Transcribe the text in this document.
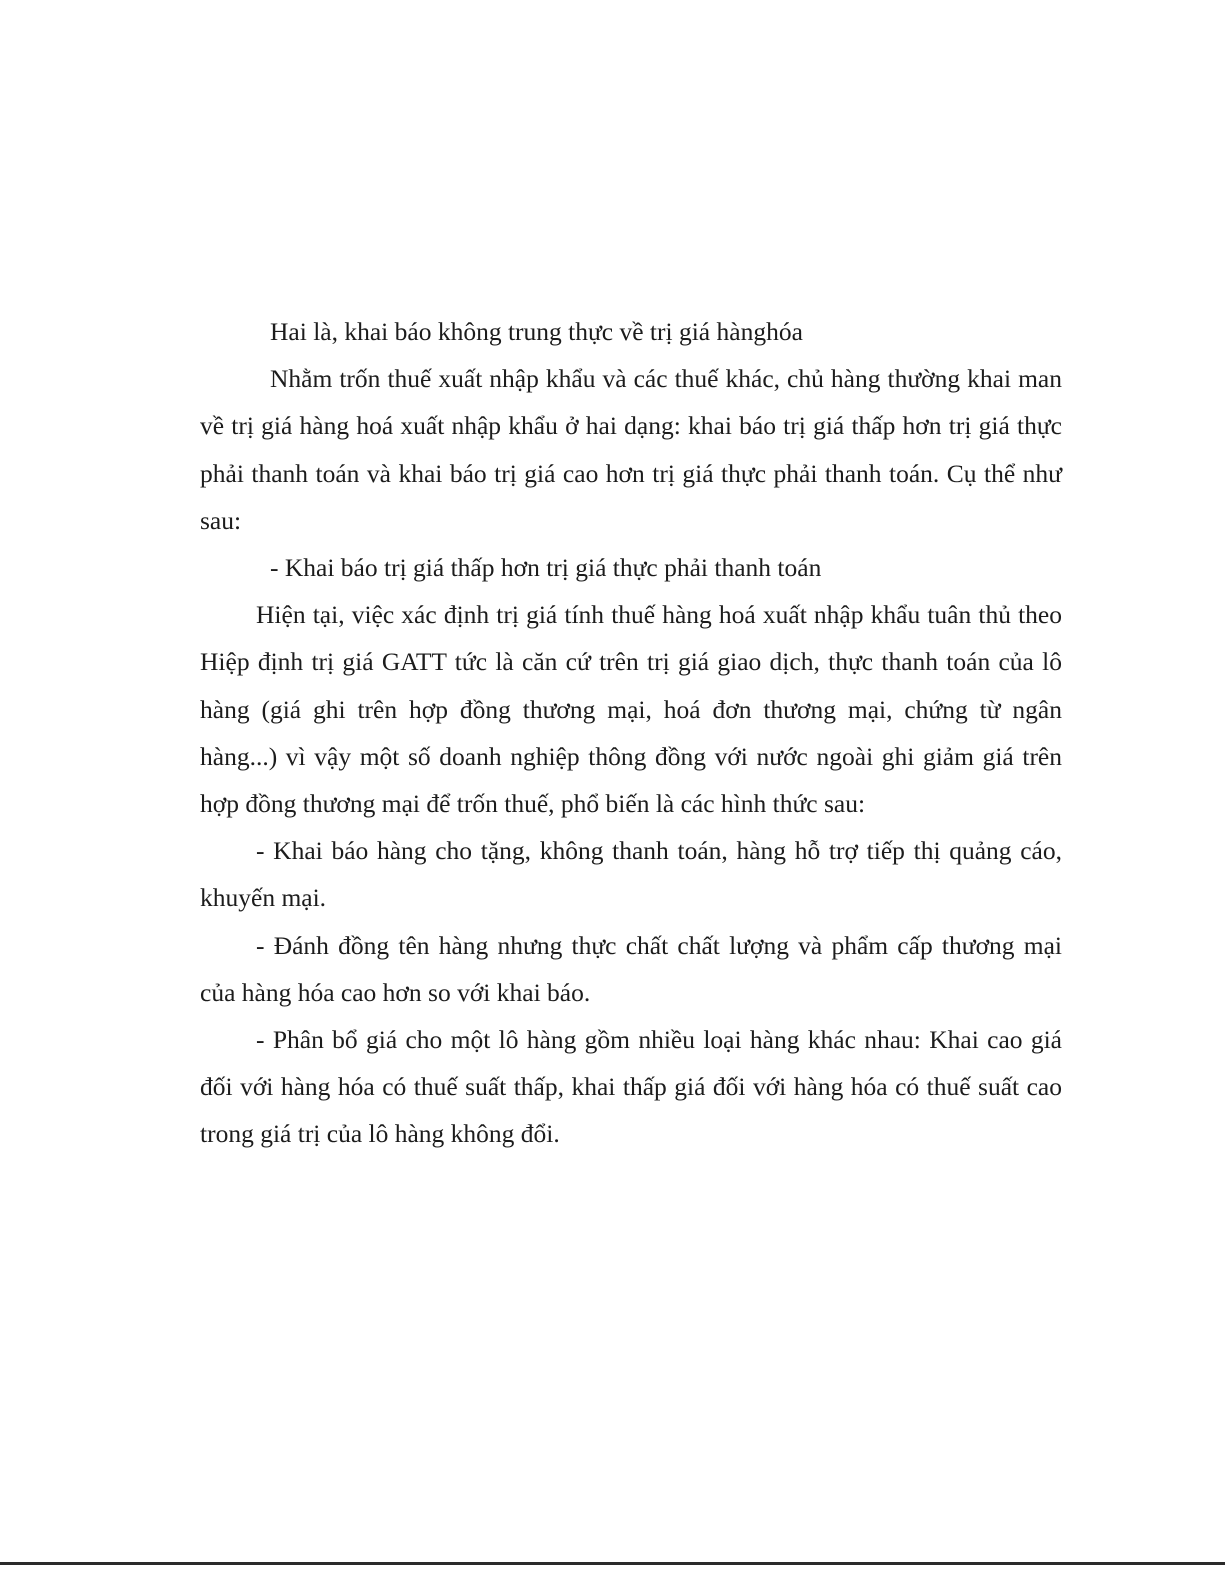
Hai là, khai báo không trung thực về trị giá hànghóa

Nhằm trốn thuế xuất nhập khẩu và các thuế khác, chủ hàng thường khai man về trị giá hàng hoá xuất nhập khẩu ở hai dạng: khai báo trị giá thấp hơn trị giá thực phải thanh toán và khai báo trị giá cao hơn trị giá thực phải thanh toán. Cụ thể như sau:

- Khai báo trị giá thấp hơn trị giá thực phải thanh toán

Hiện tại, việc xác định trị giá tính thuế hàng hoá xuất nhập khẩu tuân thủ theo Hiệp định trị giá GATT tức là căn cứ trên trị giá giao dịch, thực thanh toán của lô hàng (giá ghi trên hợp đồng thương mại, hoá đơn thương mại, chứng từ ngân hàng...) vì vậy một số doanh nghiệp thông đồng với nước ngoài ghi giảm giá trên hợp đồng thương mại để trốn thuế, phổ biến là các hình thức sau:

- Khai báo hàng cho tặng, không thanh toán, hàng hỗ trợ tiếp thị quảng cáo, khuyến mại.

- Đánh đồng tên hàng nhưng thực chất chất lượng và phẩm cấp thương mại của hàng hóa cao hơn so với khai báo.

- Phân bổ giá cho một lô hàng gồm nhiều loại hàng khác nhau: Khai cao giá đối với hàng hóa có thuế suất thấp, khai thấp giá đối với hàng hóa có thuế suất cao trong giá trị của lô hàng không đổi.
